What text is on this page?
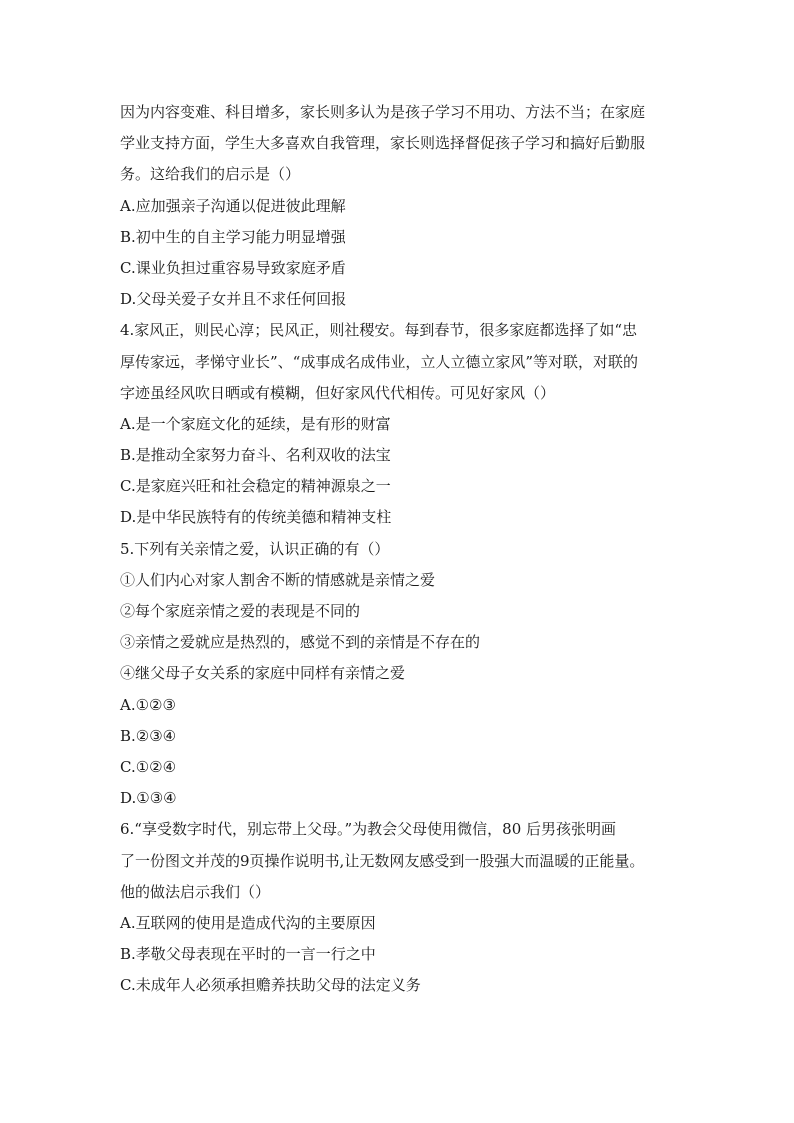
因为内容变难、科目增多，家长则多认为是孩子学习不用功、方法不当；在家庭
学业支持方面，学生大多喜欢自我管理，家长则选择督促孩子学习和搞好后勤服
务。这给我们的启示是（）
A.应加强亲子沟通以促进彼此理解
B.初中生的自主学习能力明显增强
C.课业负担过重容易导致家庭矛盾
D.父母关爱子女并且不求任何回报
4.家风正，则民心淳；民风正，则社稷安。每到春节，很多家庭都选择了如“忠
厚传家远，孝悌守业长”、“成事成名成伟业，立人立德立家风”等对联，对联的
字迹虽经风吹日晒或有模糊，但好家风代代相传。可见好家风（）
A.是一个家庭文化的延续，是有形的财富
B.是推动全家努力奋斗、名利双收的法宝
C.是家庭兴旺和社会稳定的精神源泉之一
D.是中华民族特有的传统美德和精神支柱
5.下列有关亲情之爱，认识正确的有（）
①人们内心对家人割舍不断的情感就是亲情之爱
②每个家庭亲情之爱的表现是不同的
③亲情之爱就应是热烈的，感觉不到的亲情是不存在的
④继父母子女关系的家庭中同样有亲情之爱
A.①②③
B.②③④
C.①②④
D.①③④
6.“享受数字时代，别忘带上父母。”为教会父母使用微信，80 后男孩张明画
了一份图文并茂的9页操作说明书,让无数网友感受到一股强大而温暖的正能量。
他的做法启示我们（）
A.互联网的使用是造成代沟的主要原因
B.孝敬父母表现在平时的一言一行之中
C.未成年人必须承担赡养扶助父母的法定义务
